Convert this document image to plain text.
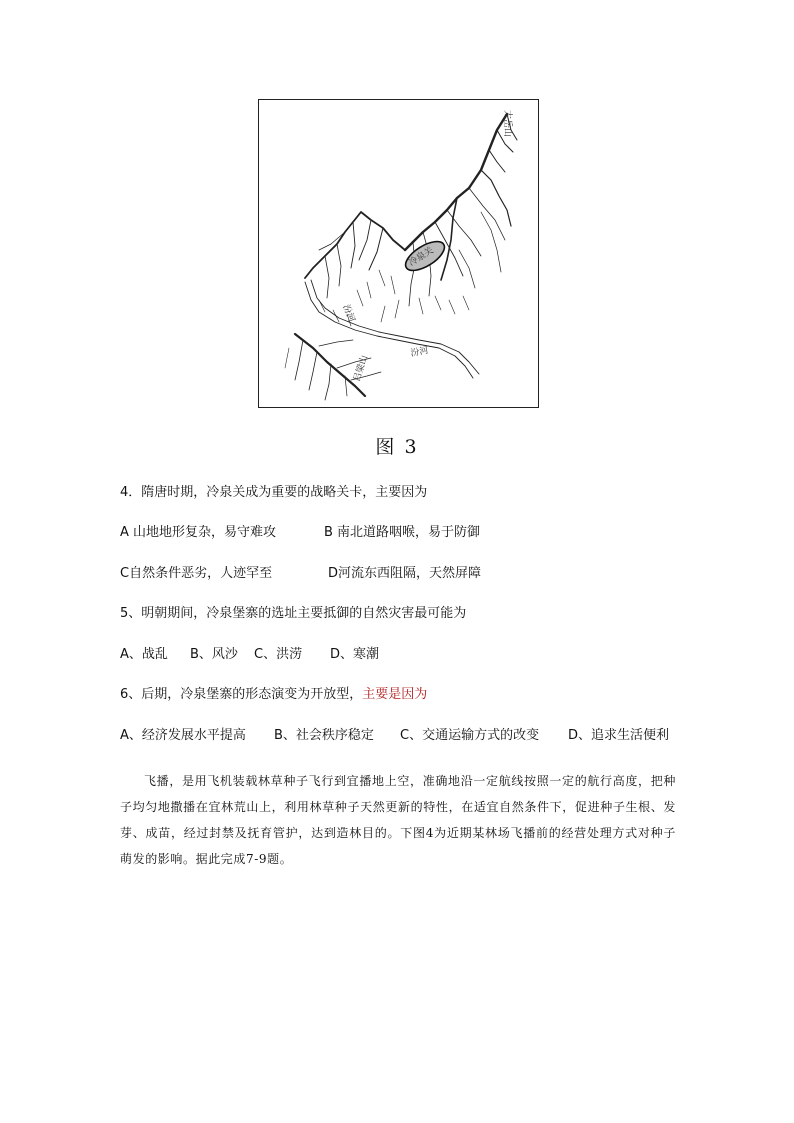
太岳山
冷泉关
汾河
汾河
吕梁山
图 3
4．隋唐时期，冷泉关成为重要的战略关卡，主要因为
A 山地地形复杂，易守难攻	B 南北道路咽喉，易于防御
C自然条件恶劣，人迹罕至	D河流东西阻隔，天然屏障
5、明朝期间，冷泉堡寨的选址主要抵御的自然灾害最可能为
A、战乱 B、风沙 C、洪涝 D、寒潮
6、后期，冷泉堡寨的形态演变为开放型，主要是因为
A、经济发展水平提高 B、社会秩序稳定 C、交通运输方式的改变 D、追求生活便利
飞播，是用飞机装载林草种子飞行到宜播地上空，准确地沿一定航线按照一定的航行高度，把种子均匀地撒播在宜林荒山上，利用林草种子天然更新的特性，在适宜自然条件下，促进种子生根、发芽、成苗，经过封禁及抚育管护，达到造林目的。下图4为近期某林场飞播前的经营处理方式对种子萌发的影响。据此完成7-9题。
